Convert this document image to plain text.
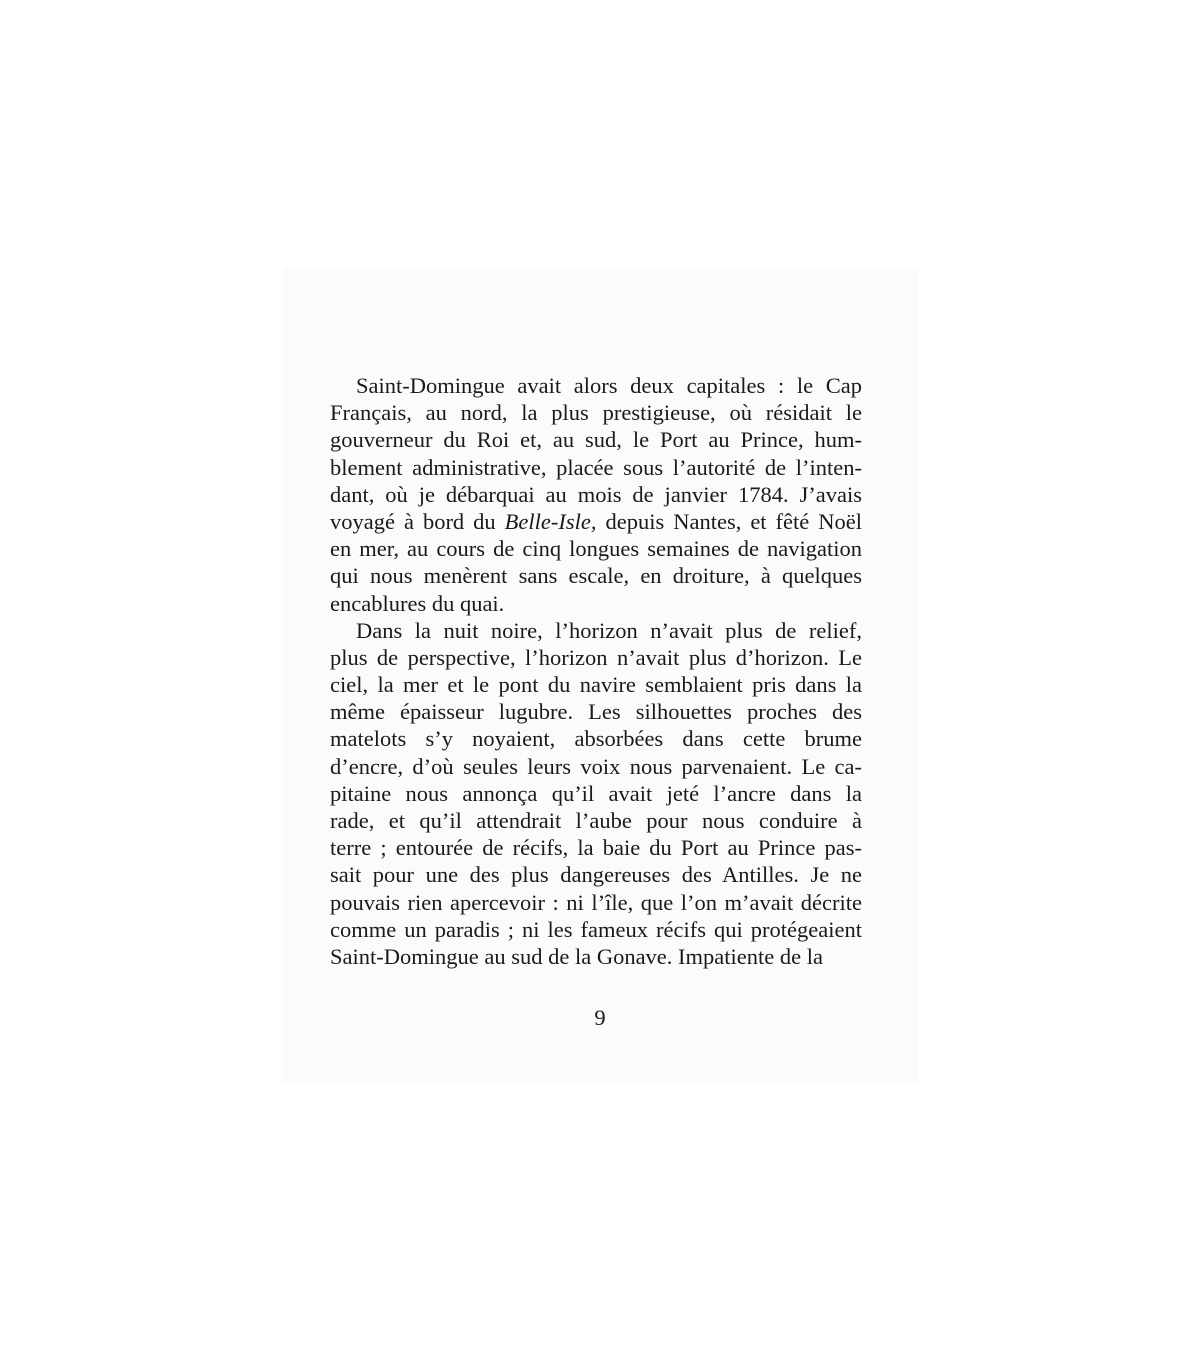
Saint-Domingue avait alors deux capitales : le Cap
Français, au nord, la plus prestigieuse, où résidait le
gouverneur du Roi et, au sud, le Port au Prince, hum-
blement administrative, placée sous l’autorité de l’inten-
dant, où je débarquai au mois de janvier 1784. J’avais
voyagé à bord du Belle-Isle, depuis Nantes, et fêté Noël
en mer, au cours de cinq longues semaines de navigation
qui nous menèrent sans escale, en droiture, à quelques
encablures du quai.
Dans la nuit noire, l’horizon n’avait plus de relief,
plus de perspective, l’horizon n’avait plus d’horizon. Le
ciel, la mer et le pont du navire semblaient pris dans la
même épaisseur lugubre. Les silhouettes proches des
matelots s’y noyaient, absorbées dans cette brume
d’encre, d’où seules leurs voix nous parvenaient. Le ca-
pitaine nous annonça qu’il avait jeté l’ancre dans la
rade, et qu’il attendrait l’aube pour nous conduire à
terre ; entourée de récifs, la baie du Port au Prince pas-
sait pour une des plus dangereuses des Antilles. Je ne
pouvais rien apercevoir : ni l’île, que l’on m’avait décrite
comme un paradis ; ni les fameux récifs qui protégeaient
Saint-Domingue au sud de la Gonave. Impatiente de la
9
